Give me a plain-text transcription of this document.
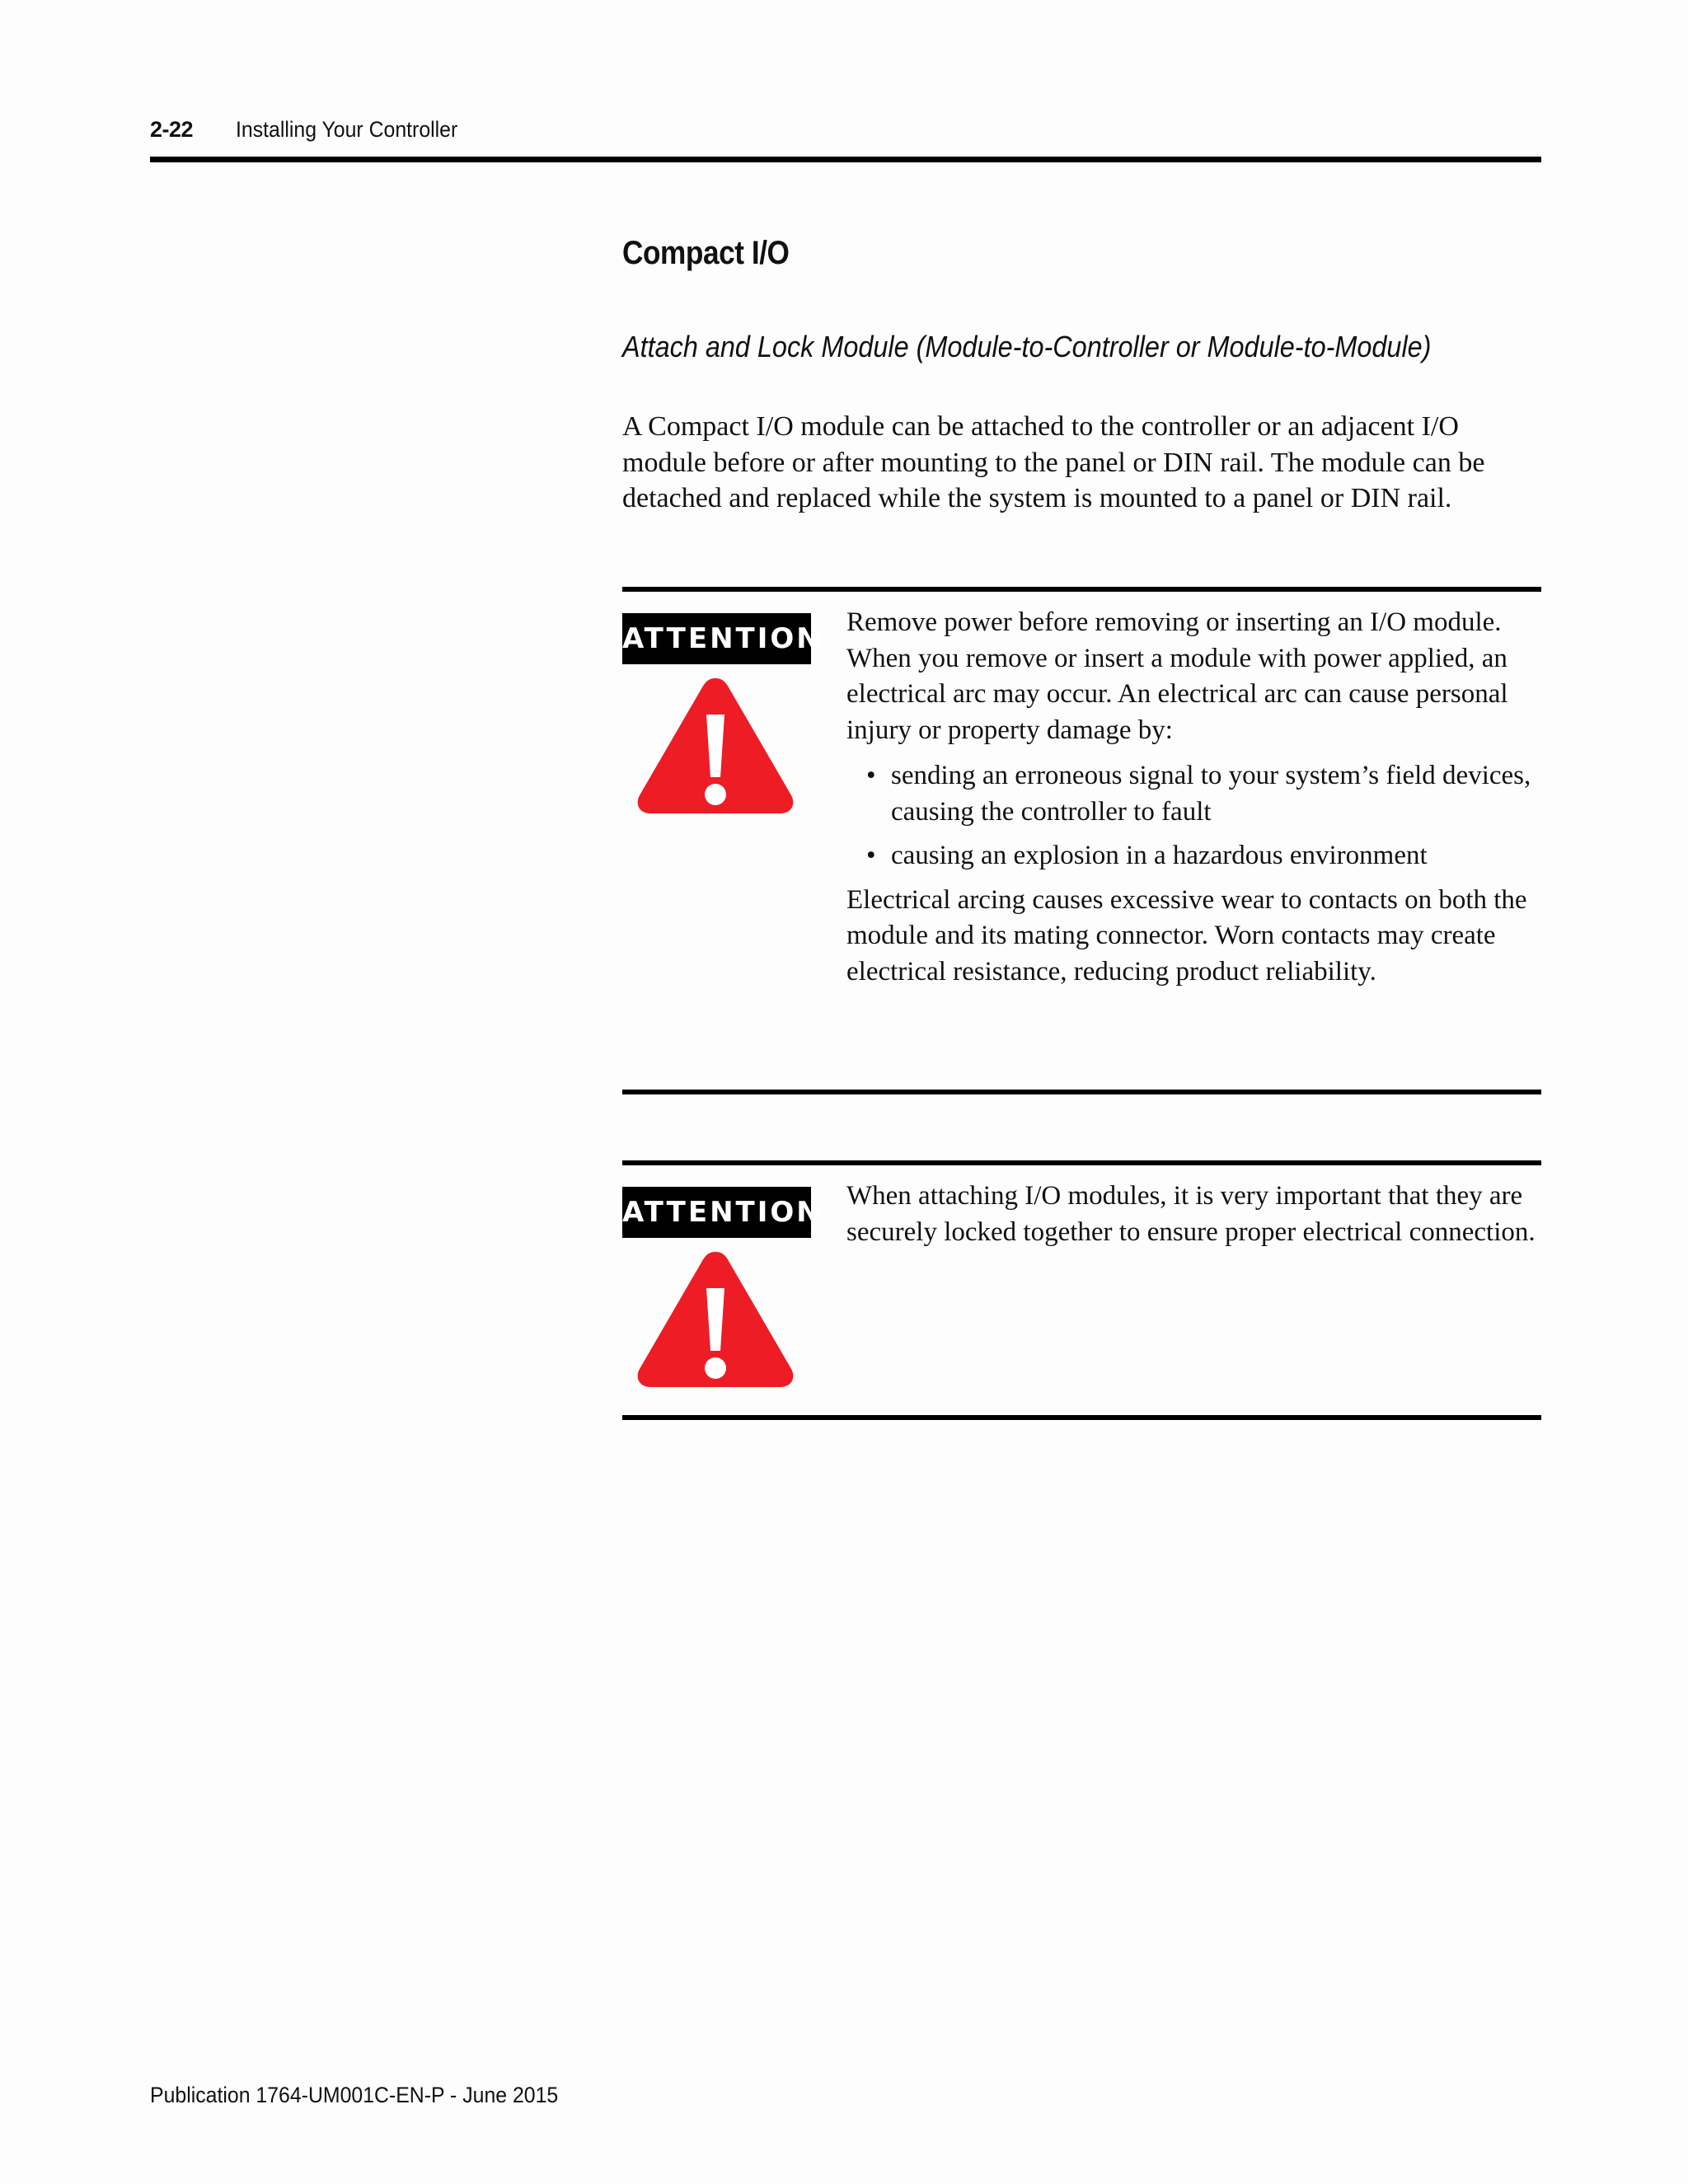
2-22 Installing Your Controller
Compact I/O
Attach and Lock Module (Module-to-Controller or Module-to-Module)
A Compact I/O module can be attached to the controller or an adjacent I/O module before or after mounting to the panel or DIN rail. The module can be detached and replaced while the system is mounted to a panel or DIN rail.
ATTENTION Remove power before removing or inserting an I/O module. When you remove or insert a module with power applied, an electrical arc may occur. An electrical arc can cause personal injury or property damage by:

• sending an erroneous signal to your system’s field devices, causing the controller to fault
• causing an explosion in a hazardous environment

Electrical arcing causes excessive wear to contacts on both the module and its mating connector. Worn contacts may create electrical resistance, reducing product reliability.

ATTENTION When attaching I/O modules, it is very important that they are securely locked together to ensure proper electrical connection.

Publication 1764-UM001C-EN-P - June 2015
